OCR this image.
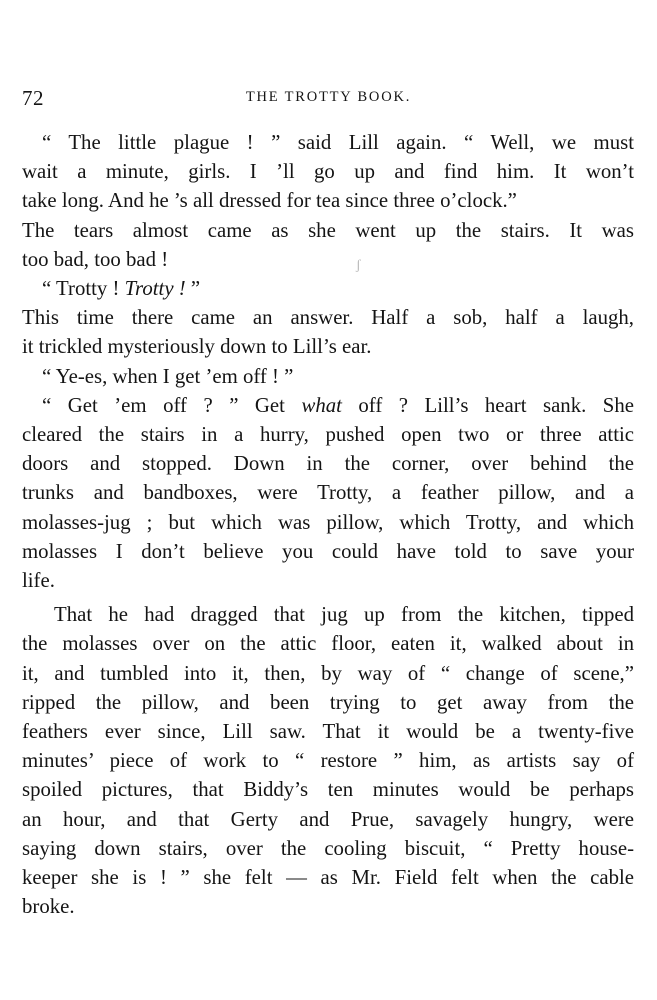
72	THE TROTTY BOOK.
ʃ

“ The little plague ! ” said Lill again. “ Well, we must
wait a minute, girls. I ’ll go up and find him. It won’t
take long. And he ’s all dressed for tea since three o’clock.”

The tears almost came as she went up the stairs. It was
too bad, too bad !

“ Trotty ! Trotty ! ”

This time there came an answer. Half a sob, half a laugh,
it trickled mysteriously down to Lill’s ear.

“ Ye-es, when I get ’em off ! ”

“ Get ’em off ? ” Get what off ? Lill’s heart sank. She
cleared the stairs in a hurry, pushed open two or three attic
doors and stopped. Down in the corner, over behind the
trunks and bandboxes, were Trotty, a feather pillow, and a
molasses-jug ; but which was pillow, which Trotty, and which
molasses I don’t believe you could have told to save your
life.

That he had dragged that jug up from the kitchen, tipped
the molasses over on the attic floor, eaten it, walked about in
it, and tumbled into it, then, by way of “ change of scene,”
ripped the pillow, and been trying to get away from the
feathers ever since, Lill saw. That it would be a twenty-five
minutes’ piece of work to “ restore ” him, as artists say of
spoiled pictures, that Biddy’s ten minutes would be perhaps
an hour, and that Gerty and Prue, savagely hungry, were
saying down stairs, over the cooling biscuit, “ Pretty house-
keeper she is ! ” she felt — as Mr. Field felt when the cable
broke.
